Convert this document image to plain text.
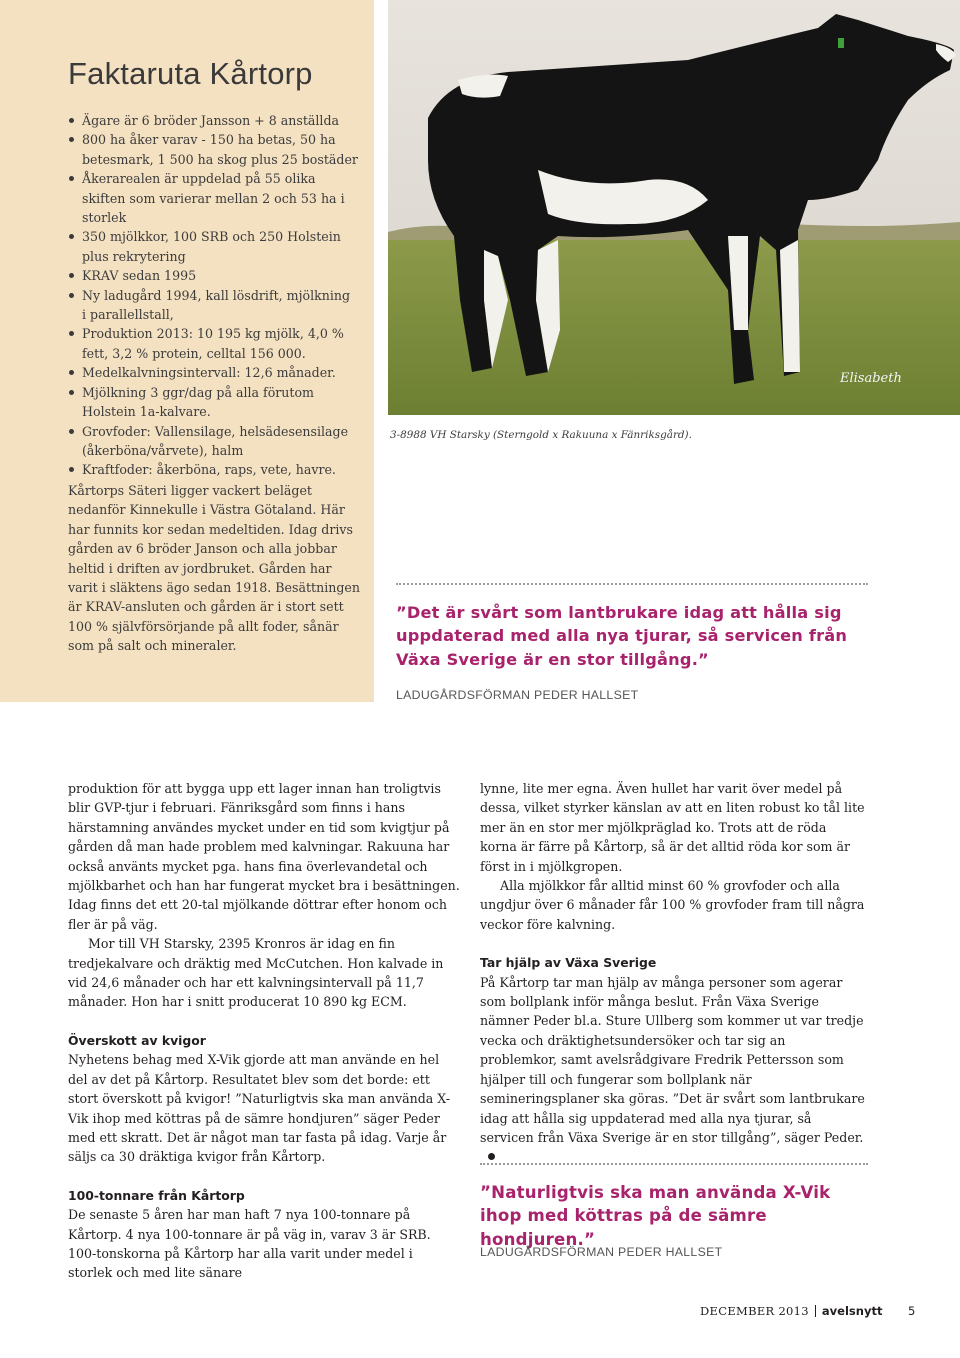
Faktaruta Kårtorp
Ägare är 6 bröder Jansson + 8 anställda
800 ha åker varav - 150 ha betas, 50 ha betesmark, 1 500 ha skog plus 25 bostäder
Åkerarealen är uppdelad på 55 olika skiften som varierar mellan 2 och 53 ha i storlek
350 mjölkkor, 100 SRB och 250 Holstein plus rekrytering
KRAV sedan 1995
Ny ladugård 1994, kall lösdrift, mjölkning i parallellstall,
Produktion 2013: 10 195 kg mjölk, 4,0 % fett, 3,2 % protein, celltal 156 000.
Medelkalvningsintervall: 12,6 månader.
Mjölkning 3 ggr/dag på alla förutom Holstein 1a-kalvare.
Grovfoder: Vallensilage, helsädesensilage (åkerböna/vårvete), halm
Kraftfoder: åkerböna, raps, vete, havre.

Kårtorps Säteri ligger vackert beläget nedanför Kinnekulle i Västra Götaland. Här har funnits kor sedan medeltiden. Idag drivs gården av 6 bröder Janson och alla jobbar heltid i driften av jordbruket. Gården har varit i släktens ägo sedan 1918. Besättningen är KRAV-ansluten och gården är i stort sett 100 % självförsörjande på allt foder, sånär som på salt och mineraler.

Elisabeth

3-8988 VH Starsky (Sterngold x Rakuuna x Fänriksgård).

”Det är svårt som lantbrukare idag att hålla sig uppdaterad med alla nya tjurar, så servicen från Växa Sverige är en stor tillgång.”

LADUGÅRDSFÖRMAN PEDER HALLSET

produktion för att bygga upp ett lager innan han troligtvis blir GVP-tjur i februari. Fänriksgård som finns i hans härstamning användes mycket under en tid som kvigtjur på gården då man hade problem med kalvningar. Rakuuna har också använts mycket pga. hans fina överlevandetal och mjölkbarhet och han har fungerat mycket bra i besättningen. Idag finns det ett 20-tal mjölkande döttrar efter honom och fler är på väg.

Mor till VH Starsky, 2395 Kronros är idag en fin tredjekalvare och dräktig med McCutchen. Hon kalvade in vid 24,6 månader och har ett kalvningsintervall på 11,7 månader. Hon har i snitt producerat 10 890 kg ECM.

Överskott av kvigor

Nyhetens behag med X-Vik gjorde att man använde en hel del av det på Kårtorp. Resultatet blev som det borde: ett stort överskott på kvigor! ”Naturligtvis ska man använda X-Vik ihop med köttras på de sämre hondjuren” säger Peder med ett skratt. Det är något man tar fasta på idag. Varje år säljs ca 30 dräktiga kvigor från Kårtorp.

100-tonnare från Kårtorp

De senaste 5 åren har man haft 7 nya 100-tonnare på Kårtorp. 4 nya 100-tonnare är på väg in, varav 3 är SRB. 100-tonskorna på Kårtorp har alla varit under medel i storlek och med lite sänare

lynne, lite mer egna. Även hullet har varit över medel på dessa, vilket styrker känslan av att en liten robust ko tål lite mer än en stor mer mjölkpräglad ko. Trots att de röda korna är färre på Kårtorp, så är det alltid röda kor som är först in i mjölkgropen.

Alla mjölkkor får alltid minst 60 % grovfoder och alla ungdjur över 6 månader får 100 % grovfoder fram till några veckor före kalvning.

Tar hjälp av Växa Sverige

På Kårtorp tar man hjälp av många personer som agerar som bollplank inför många beslut. Från Växa Sverige nämner Peder bl.a. Sture Ullberg som kommer ut var tredje vecka och dräktighetsundersöker och tar sig an problemkor, samt avelsrådgivare Fredrik Pettersson som hjälper till och fungerar som bollplank när semineringsplaner ska göras. ”Det är svårt som lantbrukare idag att hålla sig uppdaterad med alla nya tjurar, så servicen från Växa Sverige är en stor tillgång”, säger Peder.

”Naturligtvis ska man använda X-Vik ihop med köttras på de sämre hondjuren.”

LADUGÅRDSFÖRMAN PEDER HALLSET

DECEMBER 2013 avelsnytt 5
